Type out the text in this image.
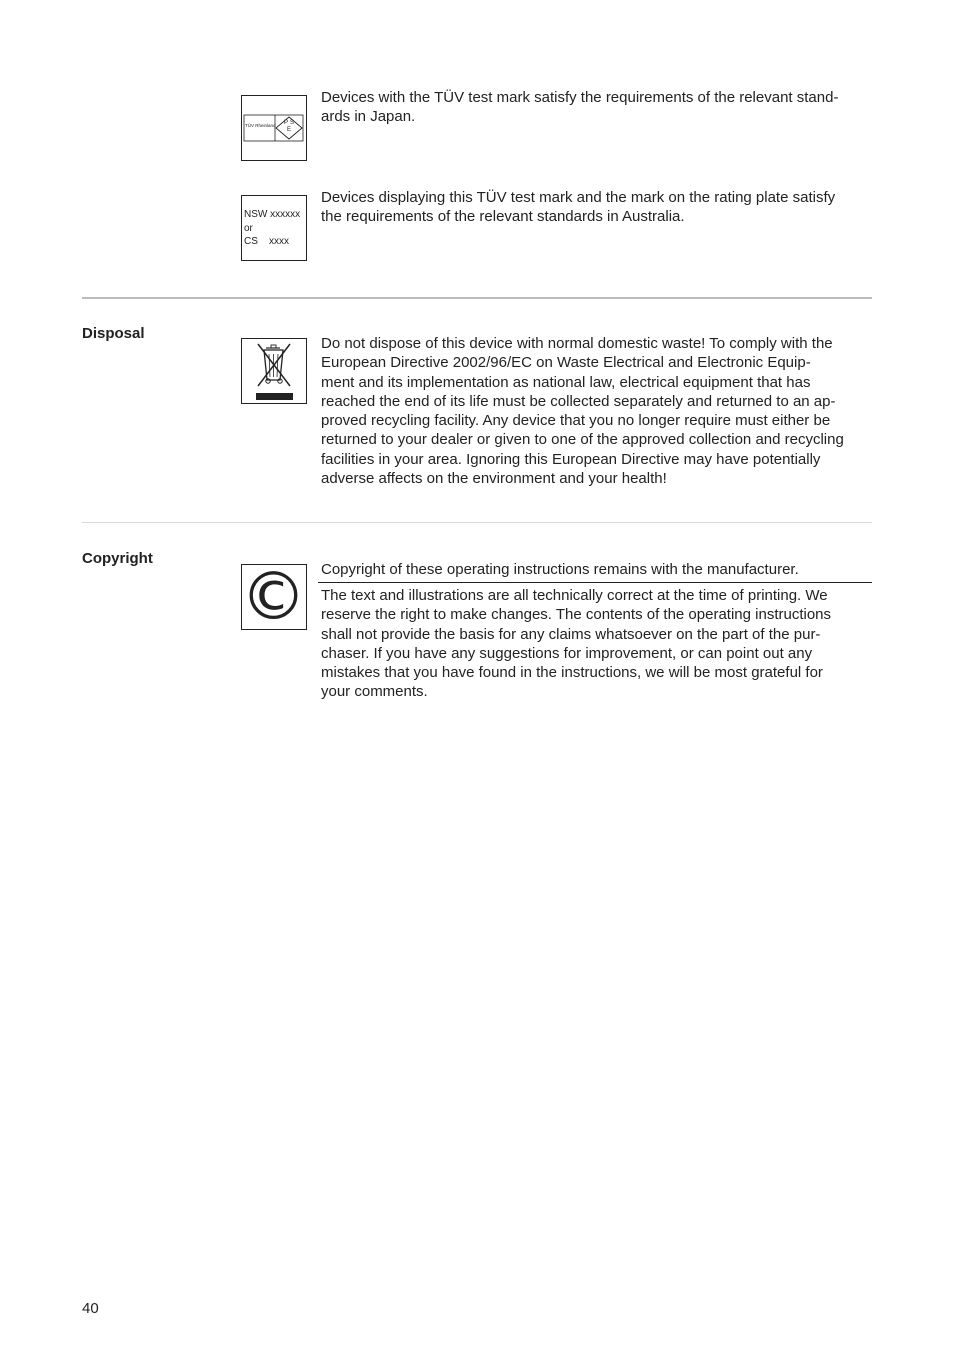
TÜV Rheinland P S
E
Devices with the TÜV test mark satisfy the requirements of the relevant stand-
ards in Japan.
NSW xxxxxx
or
CS    xxxx
Devices displaying this TÜV test mark and the mark on the rating plate satisfy
the requirements of the relevant standards in Australia.
Disposal
Do not dispose of this device with normal domestic waste! To comply with the
European Directive 2002/96/EC on Waste Electrical and Electronic Equip-
ment and its implementation as national law, electrical equipment that has
reached the end of its life must be collected separately and returned to an ap-
proved recycling facility. Any device that you no longer require must either be
returned to your dealer or given to one of the approved collection and recycling
facilities in your area. Ignoring this European Directive may have potentially
adverse affects on the environment and your health!
Copyright © Copyright of these operating instructions remains with the manufacturer.
The text and illustrations are all technically correct at the time of printing. We
reserve the right to make changes. The contents of the operating instructions
shall not provide the basis for any claims whatsoever on the part of the pur-
chaser. If you have any suggestions for improvement, or can point out any
mistakes that you have found in the instructions, we will be most grateful for
your comments.
40
